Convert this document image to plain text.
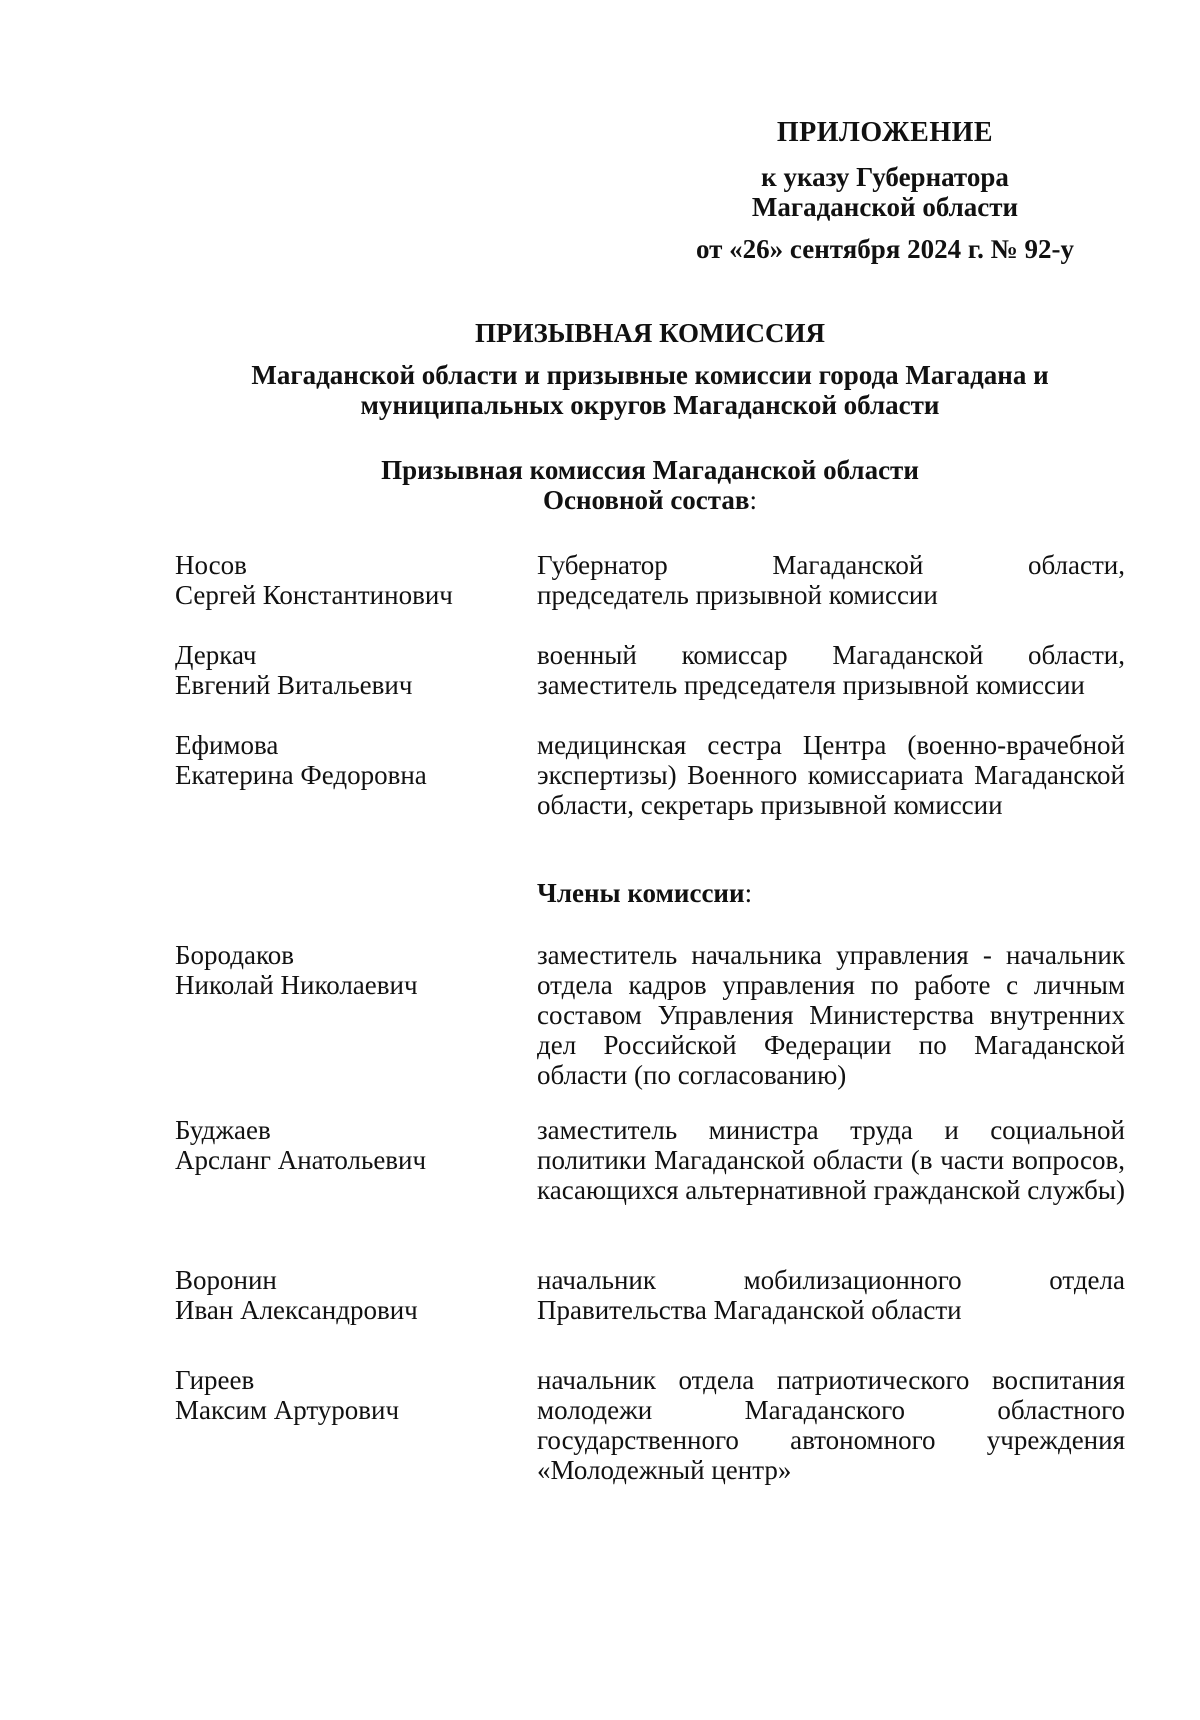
ПРИЛОЖЕНИЕ
к указу Губернатора
Магаданской области
от «26» сентября 2024 г. № 92-у
ПРИЗЫВНАЯ КОМИССИЯ
Магаданской области и призывные комиссии города Магадана и
муниципальных округов Магаданской области
Призывная комиссия Магаданской области
Основной состав:
Носов
Сергей Константинович
Губернатор Магаданской области,
председатель призывной комиссии
Деркач
Евгений Витальевич
военный комиссар Магаданской области,
заместитель председателя призывной комиссии
Ефимова
Екатерина Федоровна
медицинская сестра Центра (военно-врачебной экспертизы) Военного комиссариата Магаданской области, секретарь призывной комиссии
Члены комиссии:
Бородаков
Николай Николаевич
заместитель начальника управления - начальник отдела кадров управления по работе с личным составом Управления Министерства внутренних дел Российской Федерации по Магаданской области (по согласованию)
Буджаев
Арсланг Анатольевич
заместитель министра труда и социальной политики Магаданской области (в части вопросов, касающихся альтернативной гражданской службы)
Воронин
Иван Александрович
начальник мобилизационного отдела
Правительства Магаданской области
Гиреев
Максим Артурович
начальник отдела патриотического воспитания молодежи Магаданского областного государственного автономного учреждения «Молодежный центр»
